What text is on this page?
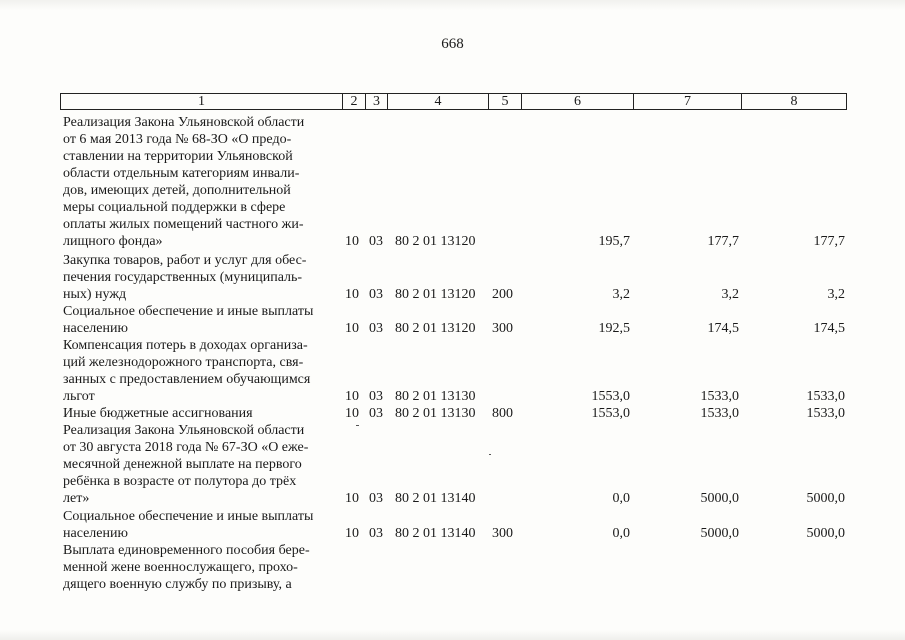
668
1	2	3	4	5	6	7	8
Реализация Закона Ульяновской области
от 6 мая 2013 года № 68-ЗО «О предо-
ставлении на территории Ульяновской
области отдельным категориям инвали-
дов, имеющих детей, дополнительной
меры социальной поддержки в сфере
оплаты жилых помещений частного жи-
лищного фонда»	10 03 80 2 01 13120	195,7	177,7	177,7
Закупка товаров, работ и услуг для обес-
печения государственных (муниципаль-
ных) нужд	10 03 80 2 01 13120 200	3,2	3,2	3,2
Социальное обеспечение и иные выплаты
населению	10 03 80 2 01 13120 300	192,5	174,5	174,5
Компенсация потерь в доходах организа-
ций железнодорожного транспорта, свя-
занных с предоставлением обучающимся
льгот	10 03 80 2 01 13130	1553,0	1533,0	1533,0
Иные бюджетные ассигнования	10 03 80 2 01 13130 800	1553,0	1533,0	1533,0
Реализация Закона Ульяновской области
от 30 августа 2018 года № 67-ЗО «О еже-
месячной денежной выплате на первого
ребёнка в возрасте от полутора до трёх
лет»	10 03 80 2 01 13140	0,0	5000,0	5000,0
Социальное обеспечение и иные выплаты
населению	10 03 80 2 01 13140 300	0,0	5000,0	5000,0
Выплата единовременного пособия бере-
менной жене военнослужащего, прохо-
дящего военную службу по призыву, а
